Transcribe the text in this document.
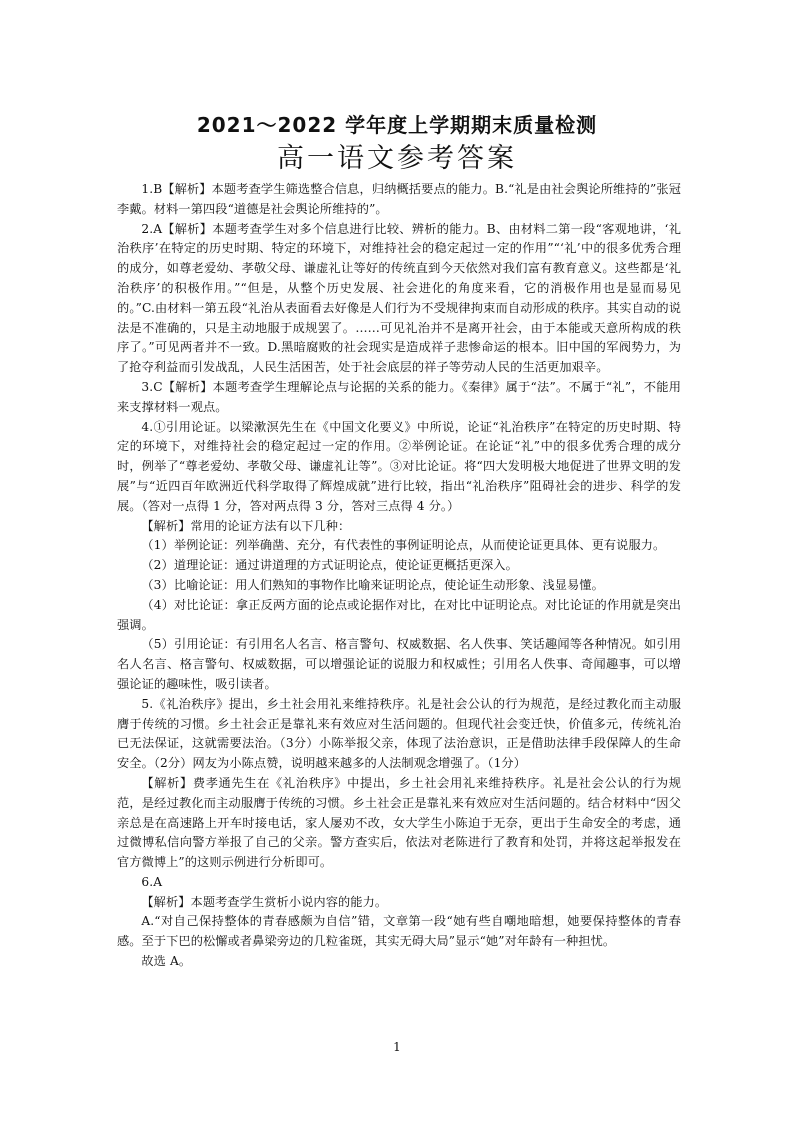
2021～2022 学年度上学期期末质量检测
高一语文参考答案

1.B【解析】本题考查学生筛选整合信息，归纳概括要点的能力。B.“礼是由社会舆论所维持的”张冠李戴。材料一第四段“道德是社会舆论所维持的”。

2.A【解析】本题考查学生对多个信息进行比较、辨析的能力。B、由材料二第一段“客观地讲，‘礼治秩序’在特定的历史时期、特定的环境下，对维持社会的稳定起过一定的作用”“‘礼’中的很多优秀合理的成分，如尊老爱幼、孝敬父母、谦虚礼让等好的传统直到今天依然对我们富有教育意义。这些都是‘礼治秩序’的积极作用。”“但是，从整个历史发展、社会进化的角度来看，它的消极作用也是显而易见的。”C.由材料一第五段“礼治从表面看去好像是人们行为不受规律拘束而自动形成的秩序。其实自动的说法是不准确的，只是主动地服于成规罢了。……可见礼治并不是离开社会，由于本能或天意所构成的秩序了。”可见两者并不一致。D.黑暗腐败的社会现实是造成祥子悲惨命运的根本。旧中国的军阀势力，为了抢夺利益而引发战乱，人民生活困苦，处于社会底层的祥子等劳动人民的生活更加艰辛。

3.C【解析】本题考查学生理解论点与论据的关系的能力。《秦律》属于“法”。不属于“礼”，不能用来支撑材料一观点。

4.①引用论证。以梁漱溟先生在《中国文化要义》中所说，论证“礼治秩序”在特定的历史时期、特定的环境下，对维持社会的稳定起过一定的作用。②举例论证。在论证“礼”中的很多优秀合理的成分时，例举了“尊老爱幼、孝敬父母、谦虚礼让等”。③对比论证。将“四大发明极大地促进了世界文明的发展”与“近四百年欧洲近代科学取得了辉煌成就”进行比较，指出“礼治秩序”阻碍社会的进步、科学的发展。（答对一点得 1 分，答对两点得 3 分，答对三点得 4 分。）

【解析】常用的论证方法有以下几种：

（1）举例论证：列举确凿、充分，有代表性的事例证明论点，从而使论证更具体、更有说服力。

（2）道理论证：通过讲道理的方式证明论点，使论证更概括更深入。

（3）比喻论证：用人们熟知的事物作比喻来证明论点，使论证生动形象、浅显易懂。

（4）对比论证：拿正反两方面的论点或论据作对比，在对比中证明论点。对比论证的作用就是突出强调。

（5）引用论证：有引用名人名言、格言警句、权威数据、名人佚事、笑话趣闻等各种情况。如引用名人名言、格言警句、权威数据，可以增强论证的说服力和权威性；引用名人佚事、奇闻趣事，可以增强论证的趣味性，吸引读者。

5.《礼治秩序》提出，乡土社会用礼来维持秩序。礼是社会公认的行为规范，是经过教化而主动服膺于传统的习惯。乡土社会正是靠礼来有效应对生活问题的。但现代社会变迁快，价值多元，传统礼治已无法保证，这就需要法治。（3分）小陈举报父亲，体现了法治意识，正是借助法律手段保障人的生命安全。（2分）网友为小陈点赞，说明越来越多的人法制观念增强了。（1分）

【解析】费孝通先生在《礼治秩序》中提出，乡土社会用礼来维持秩序。礼是社会公认的行为规范，是经过教化而主动服膺于传统的习惯。乡土社会正是靠礼来有效应对生活问题的。结合材料中“因父亲总是在高速路上开车时接电话，家人屡劝不改，女大学生小陈迫于无奈，更出于生命安全的考虑，通过微博私信向警方举报了自己的父亲。警方查实后，依法对老陈进行了教育和处罚，并将这起举报发在官方微博上”的这则示例进行分析即可。

6.A

【解析】本题考查学生赏析小说内容的能力。

A.“对自己保持整体的青春感颇为自信”错，文章第一段“她有些自嘲地暗想，她要保持整体的青春感。至于下巴的松懈或者鼻梁旁边的几粒雀斑，其实无碍大局”显示“她”对年龄有一种担忧。

故选 A。

1
